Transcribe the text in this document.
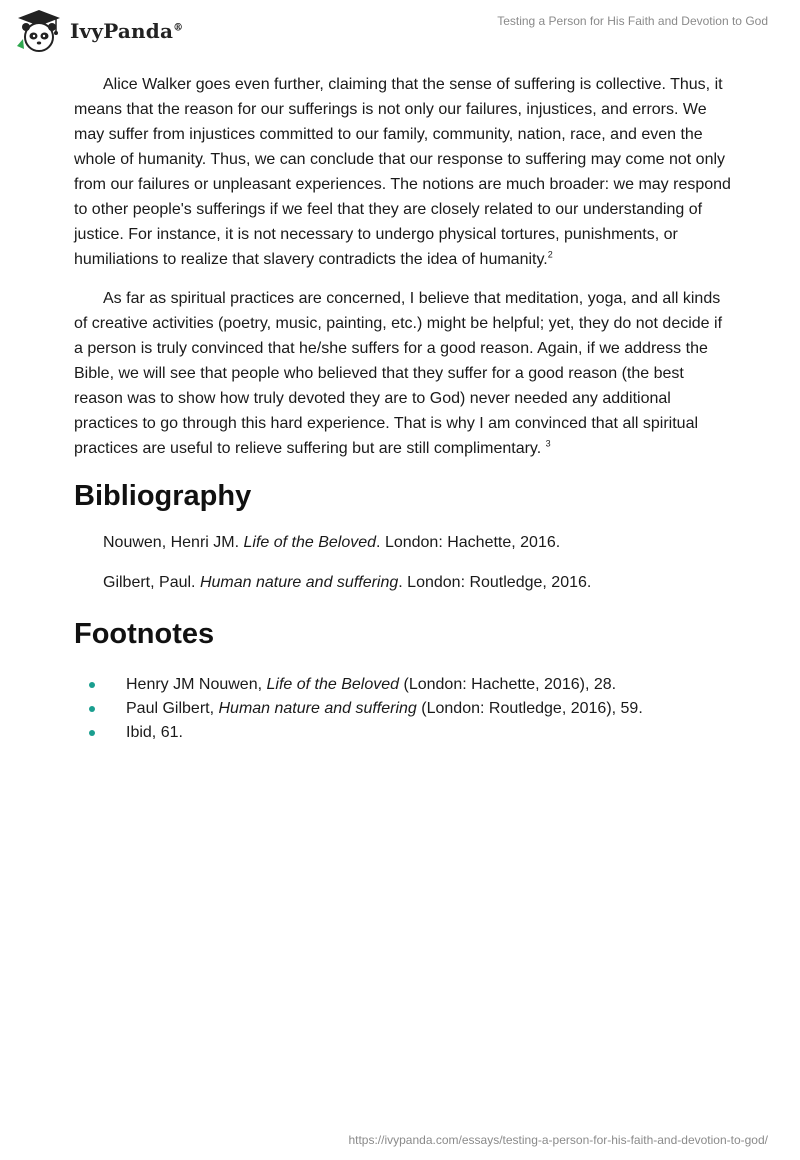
IvyPanda®	Testing a Person for His Faith and Devotion to God

Alice Walker goes even further, claiming that the sense of suffering is collective. Thus, it means that the reason for our sufferings is not only our failures, injustices, and errors. We may suffer from injustices committed to our family, community, nation, race, and even the whole of humanity. Thus, we can conclude that our response to suffering may come not only from our failures or unpleasant experiences. The notions are much broader: we may respond to other people's sufferings if we feel that they are closely related to our understanding of justice. For instance, it is not necessary to undergo physical tortures, punishments, or humiliations to realize that slavery contradicts the idea of humanity.$^2$

As far as spiritual practices are concerned, I believe that meditation, yoga, and all kinds of creative activities (poetry, music, painting, etc.) might be helpful; yet, they do not decide if a person is truly convinced that he/she suffers for a good reason. Again, if we address the Bible, we will see that people who believed that they suffer for a good reason (the best reason was to show how truly devoted they are to God) never needed any additional practices to go through this hard experience. That is why I am convinced that all spiritual practices are useful to relieve suffering but are still complimentary. $^3$

Bibliography
Nouwen, Henri JM. Life of the Beloved. London: Hachette, 2016.
Gilbert, Paul. Human nature and suffering. London: Routledge, 2016.
Footnotes
Henry JM Nouwen, Life of the Beloved (London: Hachette, 2016), 28.
Paul Gilbert, Human nature and suffering (London: Routledge, 2016), 59.
Ibid, 61.
https://ivypanda.com/essays/testing-a-person-for-his-faith-and-devotion-to-god/
